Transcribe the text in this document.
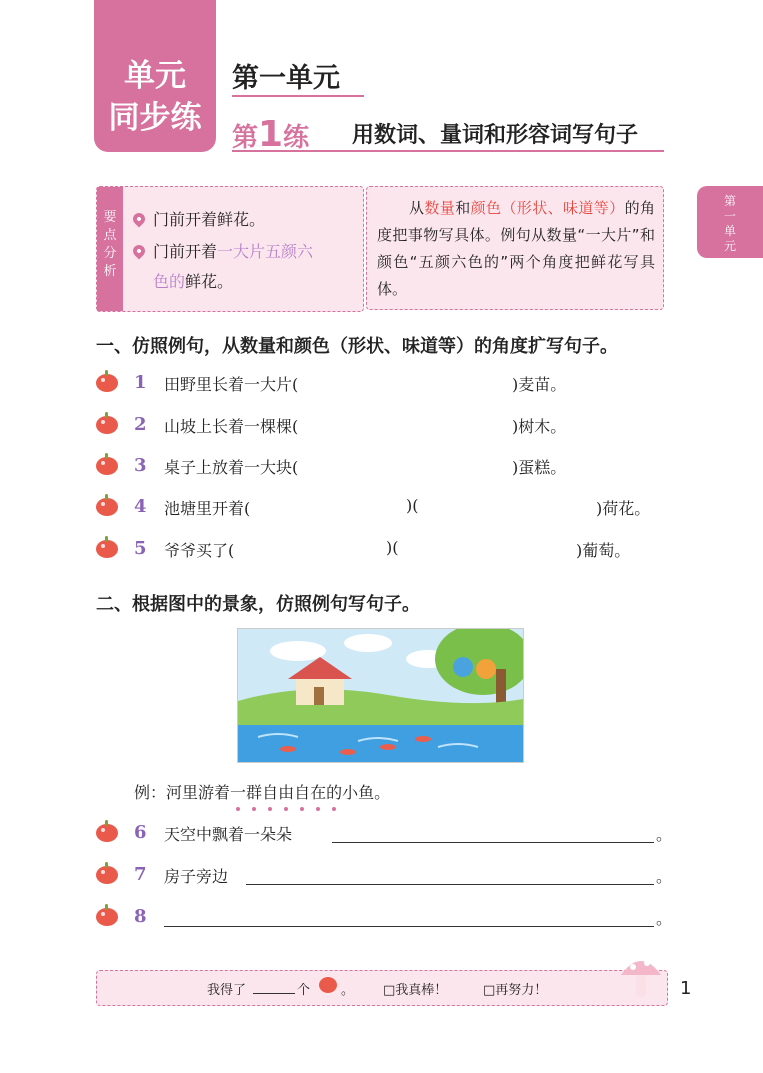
单元
同步练
第一单元
第1练 用数词、量词和形容词写句子
第
一
单
元
要
点
分
析
门前开着鲜花。
门前开着一大片五颜六
色的鲜花。
从数量和颜色（形状、味道等）的角度把事物写具体。例句从数量“一大片”和颜色“五颜六色的”两个角度把鲜花写具体。
一、仿照例句，从数量和颜色（形状、味道等）的角度扩写句子。
1 田野里长着一大片(	)麦苗。
2 山坡上长着一棵棵(	)树木。
3 桌子上放着一大块(	)蛋糕。
4 池塘里开着(	)(	)荷花。
5 爷爷买了(	)(	)葡萄。
二、根据图中的景象，仿照例句写句子。
例：河里游着一群自由自在的小鱼。
6 天空中飘着一朵朵	。
7 房子旁边	。
8	。
我得了	个 。 □我真棒！	□再努力！	1
